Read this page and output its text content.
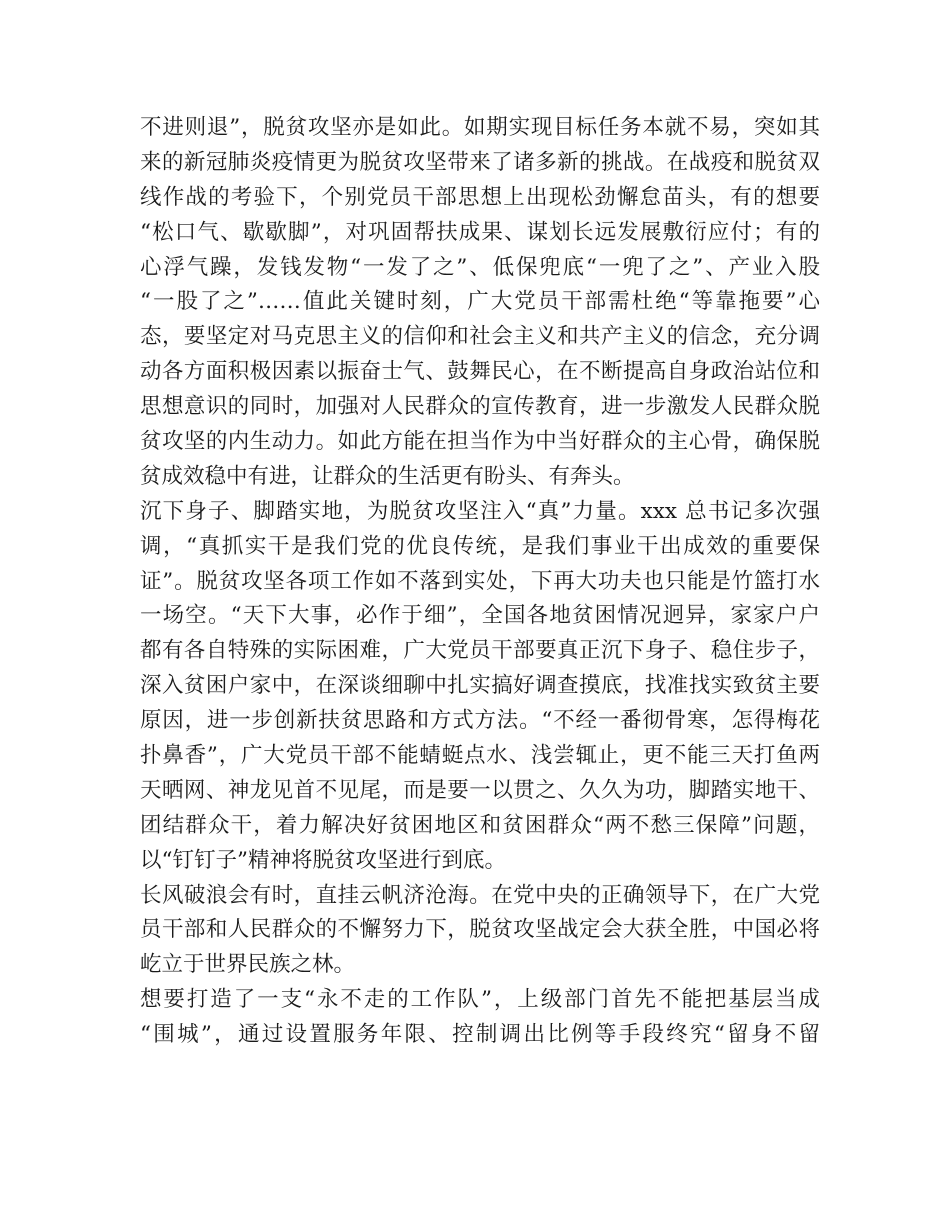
不进则退”，脱贫攻坚亦是如此。如期实现目标任务本就不易，突如其
来的新冠肺炎疫情更为脱贫攻坚带来了诸多新的挑战。在战疫和脱贫双
线作战的考验下，个别党员干部思想上出现松劲懈怠苗头，有的想要
“松口气、歇歇脚”，对巩固帮扶成果、谋划长远发展敷衍应付；有的
心浮气躁，发钱发物“一发了之”、低保兜底“一兜了之”、产业入股
“一股了之”……值此关键时刻，广大党员干部需杜绝“等靠拖要”心
态，要坚定对马克思主义的信仰和社会主义和共产主义的信念，充分调
动各方面积极因素以振奋士气、鼓舞民心，在不断提高自身政治站位和
思想意识的同时，加强对人民群众的宣传教育，进一步激发人民群众脱
贫攻坚的内生动力。如此方能在担当作为中当好群众的主心骨，确保脱
贫成效稳中有进，让群众的生活更有盼头、有奔头。
沉下身子、脚踏实地，为脱贫攻坚注入“真”力量。xxx 总书记多次强
调，“真抓实干是我们党的优良传统，是我们事业干出成效的重要保
证”。脱贫攻坚各项工作如不落到实处，下再大功夫也只能是竹篮打水
一场空。“天下大事，必作于细”，全国各地贫困情况迥异，家家户户
都有各自特殊的实际困难，广大党员干部要真正沉下身子、稳住步子，
深入贫困户家中，在深谈细聊中扎实搞好调查摸底，找准找实致贫主要
原因，进一步创新扶贫思路和方式方法。“不经一番彻骨寒，怎得梅花
扑鼻香”，广大党员干部不能蜻蜓点水、浅尝辄止，更不能三天打鱼两
天晒网、神龙见首不见尾，而是要一以贯之、久久为功，脚踏实地干、
团结群众干，着力解决好贫困地区和贫困群众“两不愁三保障”问题，
以“钉钉子”精神将脱贫攻坚进行到底。
长风破浪会有时，直挂云帆济沧海。在党中央的正确领导下，在广大党
员干部和人民群众的不懈努力下，脱贫攻坚战定会大获全胜，中国必将
屹立于世界民族之林。
想要打造了一支“永不走的工作队”，上级部门首先不能把基层当成
“围城”，通过设置服务年限、控制调出比例等手段终究“留身不留
